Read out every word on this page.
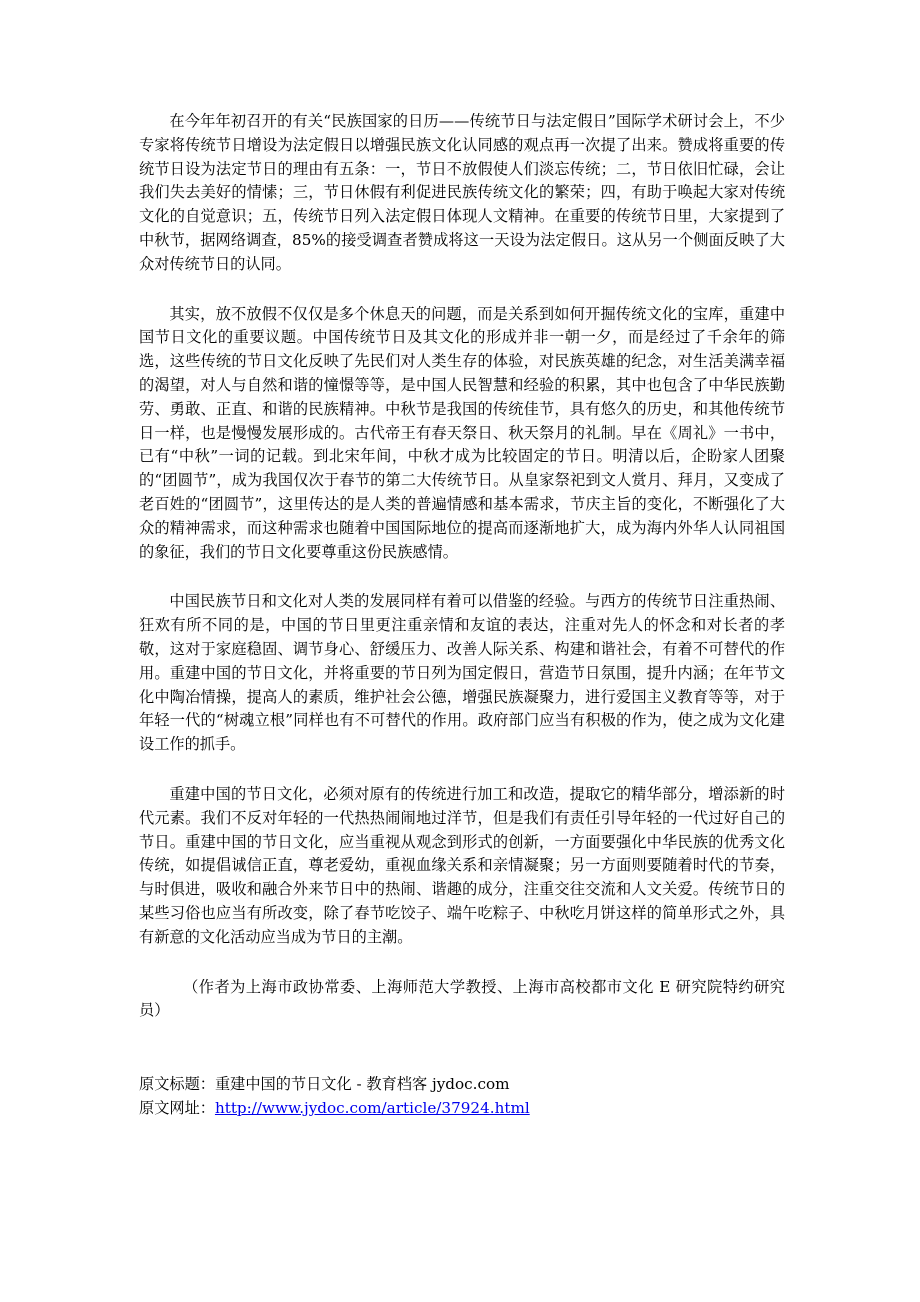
在今年年初召开的有关“民族国家的日历——传统节日与法定假日”国际学术研讨会上，不少专家将传统节日增设为法定假日以增强民族文化认同感的观点再一次提了出来。赞成将重要的传统节日设为法定节日的理由有五条：一，节日不放假使人们淡忘传统；二，节日依旧忙碌，会让我们失去美好的情愫；三，节日休假有利促进民族传统文化的繁荣；四，有助于唤起大家对传统文化的自觉意识；五，传统节日列入法定假日体现人文精神。在重要的传统节日里，大家提到了中秋节，据网络调查，85%的接受调查者赞成将这一天设为法定假日。这从另一个侧面反映了大众对传统节日的认同。

其实，放不放假不仅仅是多个休息天的问题，而是关系到如何开掘传统文化的宝库，重建中国节日文化的重要议题。中国传统节日及其文化的形成并非一朝一夕，而是经过了千余年的筛选，这些传统的节日文化反映了先民们对人类生存的体验，对民族英雄的纪念，对生活美满幸福的渴望，对人与自然和谐的憧憬等等，是中国人民智慧和经验的积累，其中也包含了中华民族勤劳、勇敢、正直、和谐的民族精神。中秋节是我国的传统佳节，具有悠久的历史，和其他传统节日一样，也是慢慢发展形成的。古代帝王有春天祭日、秋天祭月的礼制。早在《周礼》一书中，已有“中秋”一词的记载。到北宋年间，中秋才成为比较固定的节日。明清以后，企盼家人团聚的“团圆节”，成为我国仅次于春节的第二大传统节日。从皇家祭祀到文人赏月、拜月，又变成了老百姓的“团圆节”，这里传达的是人类的普遍情感和基本需求，节庆主旨的变化，不断强化了大众的精神需求，而这种需求也随着中国国际地位的提高而逐渐地扩大，成为海内外华人认同祖国的象征，我们的节日文化要尊重这份民族感情。

中国民族节日和文化对人类的发展同样有着可以借鉴的经验。与西方的传统节日注重热闹、狂欢有所不同的是，中国的节日里更注重亲情和友谊的表达，注重对先人的怀念和对长者的孝敬，这对于家庭稳固、调节身心、舒缓压力、改善人际关系、构建和谐社会，有着不可替代的作用。重建中国的节日文化，并将重要的节日列为国定假日，营造节日氛围，提升内涵；在年节文化中陶冶情操，提高人的素质，维护社会公德，增强民族凝聚力，进行爱国主义教育等等，对于年轻一代的“树魂立根”同样也有不可替代的作用。政府部门应当有积极的作为，使之成为文化建设工作的抓手。

重建中国的节日文化，必须对原有的传统进行加工和改造，提取它的精华部分，增添新的时代元素。我们不反对年轻的一代热热闹闹地过洋节，但是我们有责任引导年轻的一代过好自己的节日。重建中国的节日文化，应当重视从观念到形式的创新，一方面要强化中华民族的优秀文化传统，如提倡诚信正直，尊老爱幼，重视血缘关系和亲情凝聚；另一方面则要随着时代的节奏，与时俱进，吸收和融合外来节日中的热闹、谐趣的成分，注重交往交流和人文关爱。传统节日的某些习俗也应当有所改变，除了春节吃饺子、端午吃粽子、中秋吃月饼这样的简单形式之外，具有新意的文化活动应当成为节日的主潮。

（作者为上海市政协常委、上海师范大学教授、上海市高校都市文化 E 研究院特约研究员）

原文标题：重建中国的节日文化 - 教育档客 jydoc.com
原文网址：http://www.jydoc.com/article/37924.html
